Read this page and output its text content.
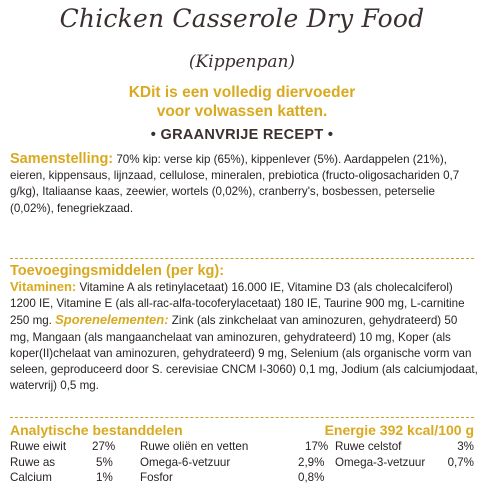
Chicken Casserole Dry Food
(Kippenpan)
KDit is een volledig diervoeder
voor volwassen katten.
• GRAANVRIJE RECEPT •
Samenstelling: 70% kip: verse kip (65%), kippenlever (5%). Aardappelen (21%), eieren, kippensaus, lijnzaad, cellulose, mineralen, prebiotica (fructo-oligosachariden 0,7 g/kg), Italiaanse kaas, zeewier, wortels (0,02%), cranberry's, bosbessen, peterselie (0,02%), fenegriekzaad.
Toevoegingsmiddelen (per kg):
Vitaminen: Vitamine A als retinylacetaat) 16.000 IE, Vitamine D3 (als cholecalciferol) 1200 IE, Vitamine E (als all-rac-alfa-tocoferylacetaat) 180 IE, Taurine 900 mg, L-carnitine 250 mg. Sporenelementen: Zink (als zinkchelaat van aminozuren, gehydrateerd) 50 mg, Mangaan (als mangaanchelaat van aminozuren, gehydrateerd) 10 mg, Koper (als koper(II)chelaat van aminozuren, gehydrateerd) 9 mg, Selenium (als organische vorm van seleen, geproduceerd door S. cerevisiae CNCM I-3060) 0,1 mg, Jodium (als calciumjodaat, watervrij) 0,5 mg.
Analytische bestanddelen	Energie 392 kcal/100 g
Ruwe eiwit 27% Ruwe oliën en vetten	17% Ruwe celstof	3%
Ruwe as	5% Omega-6-vetzuur	2,9% Omega-3-vetzuur 0,7%
Calcium	1% Fosfor	0,8%
